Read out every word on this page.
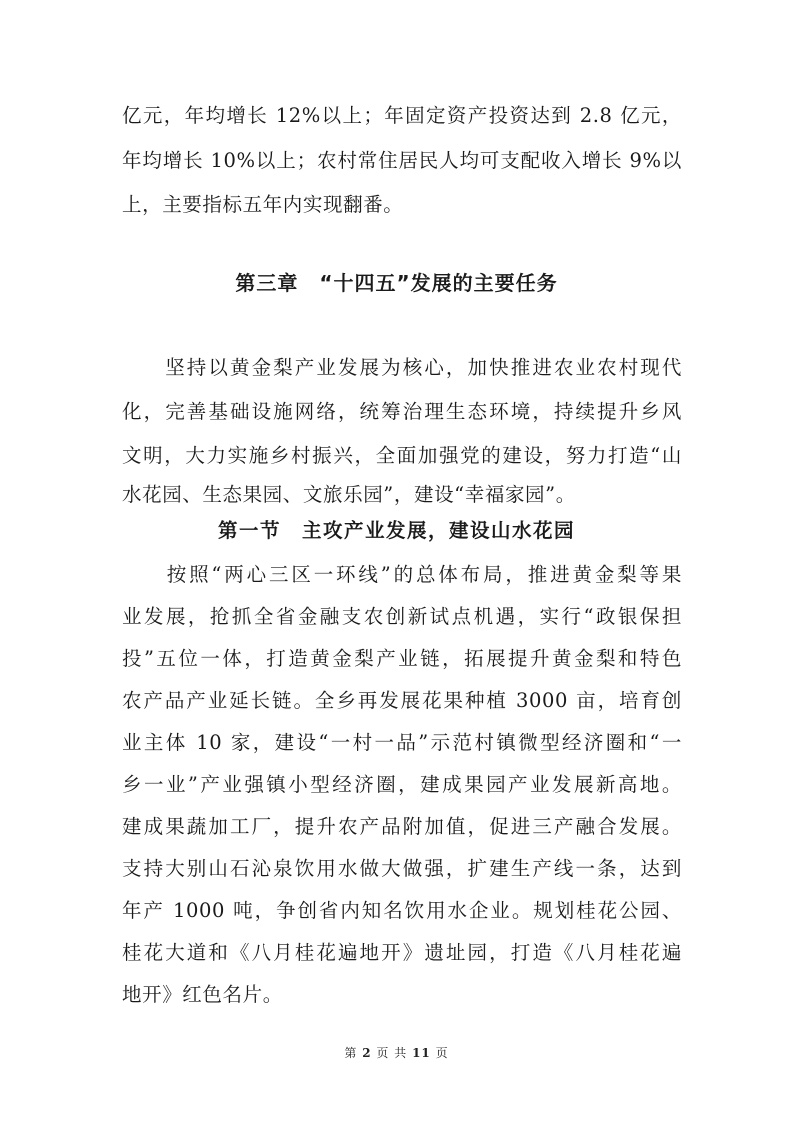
亿元，年均增长 12%以上；年固定资产投资达到 2.8 亿元，
年均增长 10%以上；农村常住居民人均可支配收入增长 9%以
上，主要指标五年内实现翻番。
第三章　“十四五”发展的主要任务
　　坚持以黄金梨产业发展为核心，加快推进农业农村现代
化，完善基础设施网络，统筹治理生态环境，持续提升乡风
文明，大力实施乡村振兴，全面加强党的建设，努力打造“山
水花园、生态果园、文旅乐园”，建设“幸福家园”。
第一节　主攻产业发展，建设山水花园
　　按照“两心三区一环线”的总体布局，推进黄金梨等果
业发展，抢抓全省金融支农创新试点机遇，实行“政银保担
投”五位一体，打造黄金梨产业链，拓展提升黄金梨和特色
农产品产业延长链。全乡再发展花果种植 3000 亩，培育创
业主体 10 家，建设“一村一品”示范村镇微型经济圈和“一
乡一业”产业强镇小型经济圈，建成果园产业发展新高地。
建成果蔬加工厂，提升农产品附加值，促进三产融合发展。
支持大别山石沁泉饮用水做大做强，扩建生产线一条，达到
年产 1000 吨，争创省内知名饮用水企业。规划桂花公园、
桂花大道和《八月桂花遍地开》遗址园，打造《八月桂花遍
地开》红色名片。
第 2 页 共 11 页
